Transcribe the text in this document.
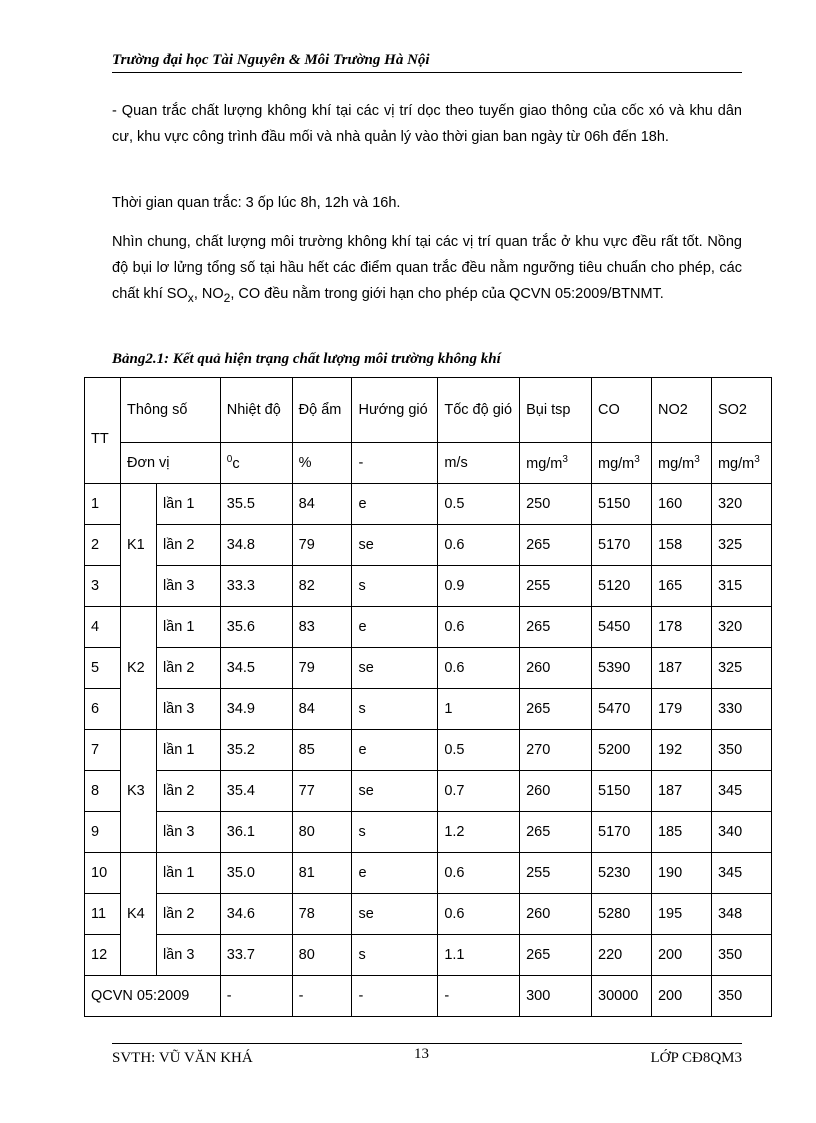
Trường đại học Tài Nguyên & Môi Trường Hà Nội

- Quan trắc chất lượng không khí tại các vị trí dọc theo tuyến giao thông của cốc xó và khu dân cư, khu vực công trình đầu mối và nhà quản lý vào thời gian ban ngày từ 06h đến 18h.

Thời gian quan trắc: 3 ốp lúc 8h, 12h và 16h.

Nhìn chung, chất lượng môi trường không khí tại các vị trí quan trắc ở khu vực đều rất tốt. Nồng độ bụi lơ lửng tổng số tại hầu hết các điểm quan trắc đều nằm ngưỡng tiêu chuẩn cho phép, các chất khí $SO_x$, $NO_2$, CO đều nằm trong giới hạn cho phép của QCVN 05:2009/BTNMT.

Bảng2.1: Kết quả hiện trạng chất lượng môi trường không khí
TT	Thông số		Nhiệt độ	Độ ẩm	Hướng gió	Tốc độ gió	Bụi tsp	CO	NO2	SO2
	Đơn vị		$^0$c	%	-	m/s	$mg/m^3$	$mg/m^3$	$mg/m^3$	$mg/m^3$
1	K1	lần 1	35.5	84	e	0.5	250	5150	160	320
2		lần 2	34.8	79	se	0.6	265	5170	158	325
3		lần 3	33.3	82	s	0.9	255	5120	165	315
4	K2	lần 1	35.6	83	e	0.6	265	5450	178	320
5		lần 2	34.5	79	se	0.6	260	5390	187	325
6		lần 3	34.9	84	s	1	265	5470	179	330
7	K3	lần 1	35.2	85	e	0.5	270	5200	192	350
8		lần 2	35.4	77	se	0.7	260	5150	187	345
9		lần 3	36.1	80	s	1.2	265	5170	185	340
10	K4	lần 1	35.0	81	e	0.6	255	5230	190	345
11		lần 2	34.6	78	se	0.6	260	5280	195	348
12		lần 3	33.7	80	s	1.1	265	220	200	350
QCVN 05:2009			-	-	-	-	300	30000	200	350
SVTH: VŨ VĂN KHÁ	13	LỚP CĐ8QM3
